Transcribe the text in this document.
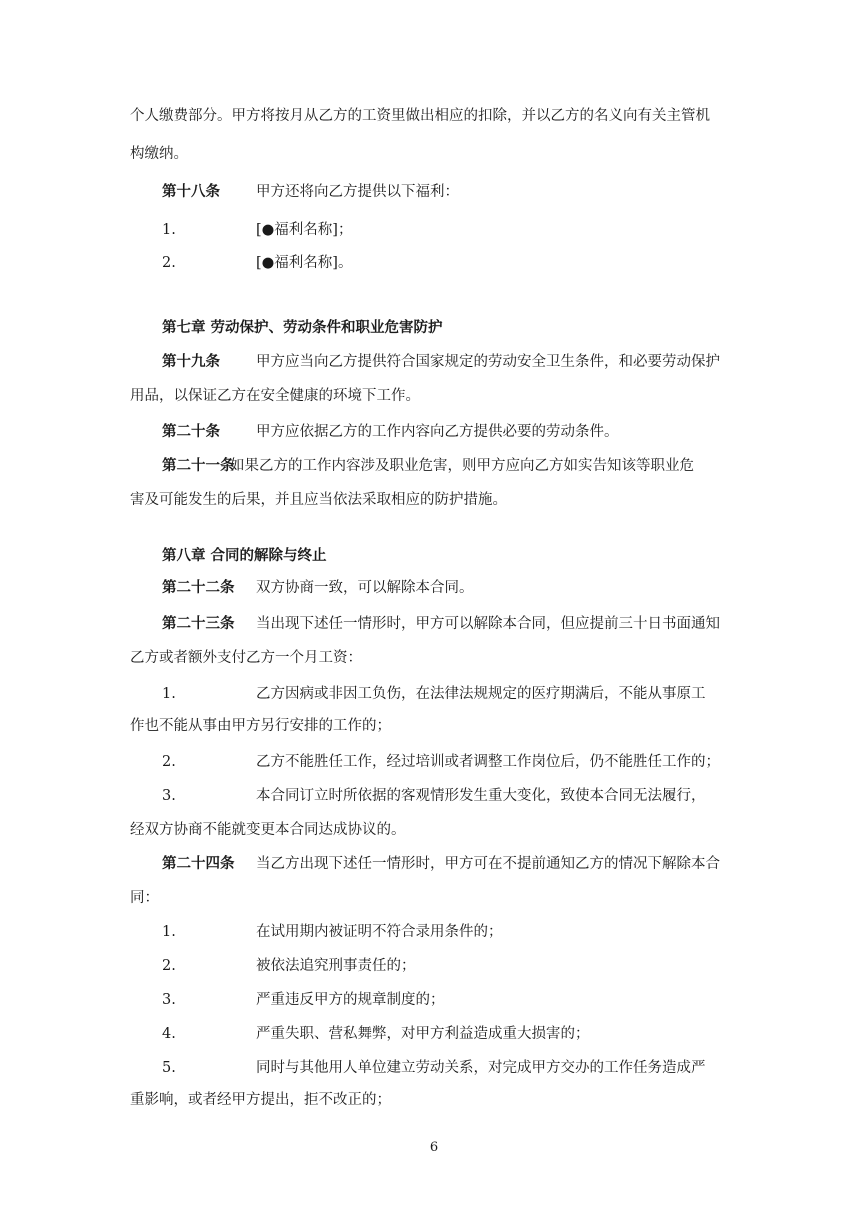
个人缴费部分。甲方将按月从乙方的工资里做出相应的扣除，并以乙方的名义向有关主管机
构缴纳。
第十八条 甲方还将向乙方提供以下福利：
1.	[●福利名称]；
2.	[●福利名称]。
第七章 劳动保护、劳动条件和职业危害防护
第十九条 甲方应当向乙方提供符合国家规定的劳动安全卫生条件，和必要劳动保护
用品，以保证乙方在安全健康的环境下工作。
第二十条 甲方应依据乙方的工作内容向乙方提供必要的劳动条件。
第二十一条
如果乙方的工作内容涉及职业危害，则甲方应向乙方如实告知该等职业危
害及可能发生的后果，并且应当依法采取相应的防护措施。
第八章 合同的解除与终止
第二十二条 双方协商一致，可以解除本合同。
第二十三条 当出现下述任一情形时，甲方可以解除本合同，但应提前三十日书面通知
乙方或者额外支付乙方一个月工资：
1.	乙方因病或非因工负伤，在法律法规规定的医疗期满后，不能从事原工
作也不能从事由甲方另行安排的工作的；
2.	乙方不能胜任工作，经过培训或者调整工作岗位后，仍不能胜任工作的；
3.	本合同订立时所依据的客观情形发生重大变化，致使本合同无法履行，
经双方协商不能就变更本合同达成协议的。
第二十四条 当乙方出现下述任一情形时，甲方可在不提前通知乙方的情况下解除本合
同：
1.	在试用期内被证明不符合录用条件的；
2.	被依法追究刑事责任的；
3.	严重违反甲方的规章制度的；
4.	严重失职、营私舞弊，对甲方利益造成重大损害的；
5.	同时与其他用人单位建立劳动关系，对完成甲方交办的工作任务造成严
重影响，或者经甲方提出，拒不改正的；
6
